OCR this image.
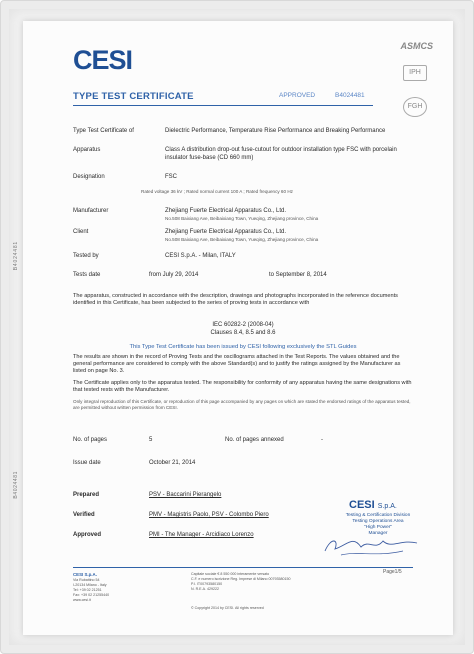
CESI	ASMCS
IPH
FGH
TYPE TEST CERTIFICATE	APPROVED	B4024481
Type Test Certificate of	Dielectric Performance, Temperature Rise Performance and Breaking Performance
Apparatus	Class A distribution drop-out fuse-cutout for outdoor installation type FSC with porcelain insulator fuse-base (CD 660 mm)
Designation	FSC
Rated voltage 36 kV ; Rated normal current 100 A ; Rated frequency 60 Hz
Manufacturer	Zhejiang Fuerte Electrical Apparatus Co., Ltd.
No.508 Baixiang Ave, Beibaixiang Town, Yueqing, Zhejiang province, China
Client	Zhejiang Fuerte Electrical Apparatus Co., Ltd.
No.508 Baixiang Ave, Beibaixiang Town, Yueqing, Zhejiang province, China
Tested by	CESI S.p.A. - Milan, ITALY
Tests date	from July 29, 2014	to September 8, 2014
The apparatus, constructed in accordance with the description, drawings and photographs incorporated in the reference documents identified in this Certificate, has been subjected to the series of proving tests in accordance with
IEC 60282-2 (2008-04)
Clauses 8.4, 8.5 and 8.6
This Type Test Certificate has been issued by CESI following exclusively the STL Guides
The results are shown in the record of Proving Tests and the oscillograms attached in the Test Reports. The values obtained and the general performance are considered to comply with the above Standard(s) and to justify the ratings assigned by the Manufacturer as listed on page No. 3.
The Certificate applies only to the apparatus tested. The responsibility for conformity of any apparatus having the same designations with that tested rests with the Manufacturer.
Only integral reproduction of this Certificate, or reproduction of this page accompanied by any pages on which are stated the endorsed ratings of the apparatus tested, are permitted without written permission from CESI.
No. of pages	5	No. of pages annexed	-
Issue date	October 21, 2014
Prepared	PSV - Baccarini Pierangelo
Verified	PMV - Magistris Paolo, PSV - Colombo Piero
Approved	PMI - The Manager - Arcidiaco Lorenzo
CESI S.p.A.
Testing & Certification Division
Testing Operations Area
"High Power"
Manager
CESI S.p.A.
Via Rubattino 54
I-20134 Milano - Italy
Tel: +39 02 21251
Fax: +39 02 21255440
www.cesi.it
Capitale sociale € 8 550 000 interamente versato
C.F. e numero iscrizione Reg. Imprese di Milano 00793580150
P.I. IT00793580150
N. R.E.A. 429222
© Copyright 2014 by CESI. All rights reserved
Page1/5
B4024481
B4024481
